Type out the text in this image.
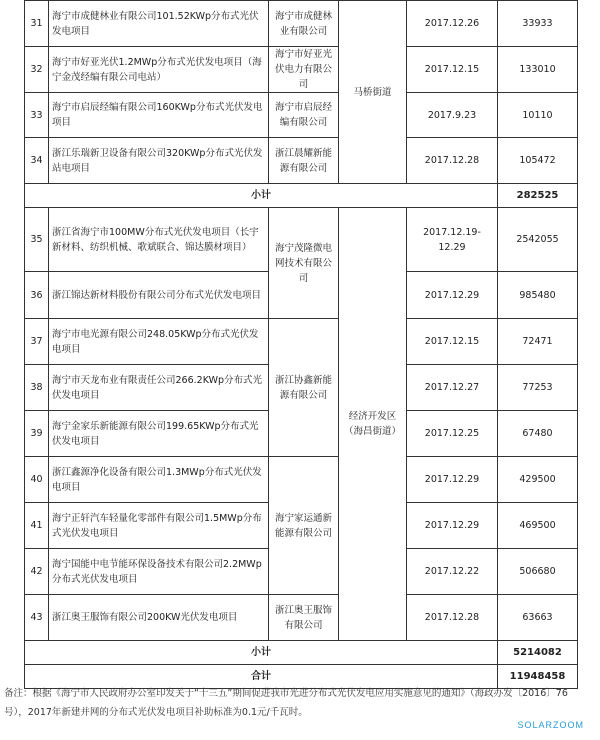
31	海宁市成健林业有限公司101.52KWp分布式光伏发电项目	海宁市成健林业有限公司	马桥街道	2017.12.26	33933
32	海宁市好亚光伏1.2MWp分布式光伏发电项目（海宁金茂经编有限公司电站）	海宁市好亚光伏电力有限公司		2017.12.15	133010
33	海宁市启辰经编有限公司160KWp分布式光伏发电项目	海宁市启辰经编有限公司		2017.9.23	10110
34	浙江乐瑞新卫设备有限公司320KWp分布式光伏发站电项目	浙江晨耀新能源有限公司		2017.12.28	105472
小计					282525
35	浙江省海宁市100MW分布式光伏发电项目（长宇新材料、纺织机械、歌斌联合、锦达膜材项目）	海宁茂隆微电网技术有限公司	经济开发区（海昌街道）	2017.12.19-12.29	2542055
36	浙江锦达新材料股份有限公司分布式光伏发电项目			2017.12.29	985480
37	海宁市电光源有限公司248.05KWp分布式光伏发电项目	浙江协鑫新能源有限公司		2017.12.15	72471
38	海宁市天龙布业有限责任公司266.2KWp分布式光伏发电项目			2017.12.27	77253
39	海宁金家乐新能源有限公司199.65KWp分布式光伏发电项目			2017.12.25	67480
40	浙江鑫源净化设备有限公司1.3MWp分布式光伏发电项目	海宁家运通新能源有限公司		2017.12.29	429500
41	海宁正轩汽车轻量化零部件有限公司1.5MWp分布式光伏发电项目			2017.12.29	469500
42	海宁国能中电节能环保设备技术有限公司2.2MWp分布式光伏发电项目			2017.12.22	506680
43	浙江奥王服饰有限公司200KW光伏发电项目	浙江奥王服饰有限公司		2017.12.28	63663
小计					5214082
合计					11948458
备注：根据《海宁市人民政府办公室印发关于“十三五”期间促进我市光进分布式光伏发电应用实施意见的通知》（海政办发〔2016〕76号），2017年新建并网的分布式光伏发电项目补助标准为0.1元/千瓦时。
SOLARZOOM
